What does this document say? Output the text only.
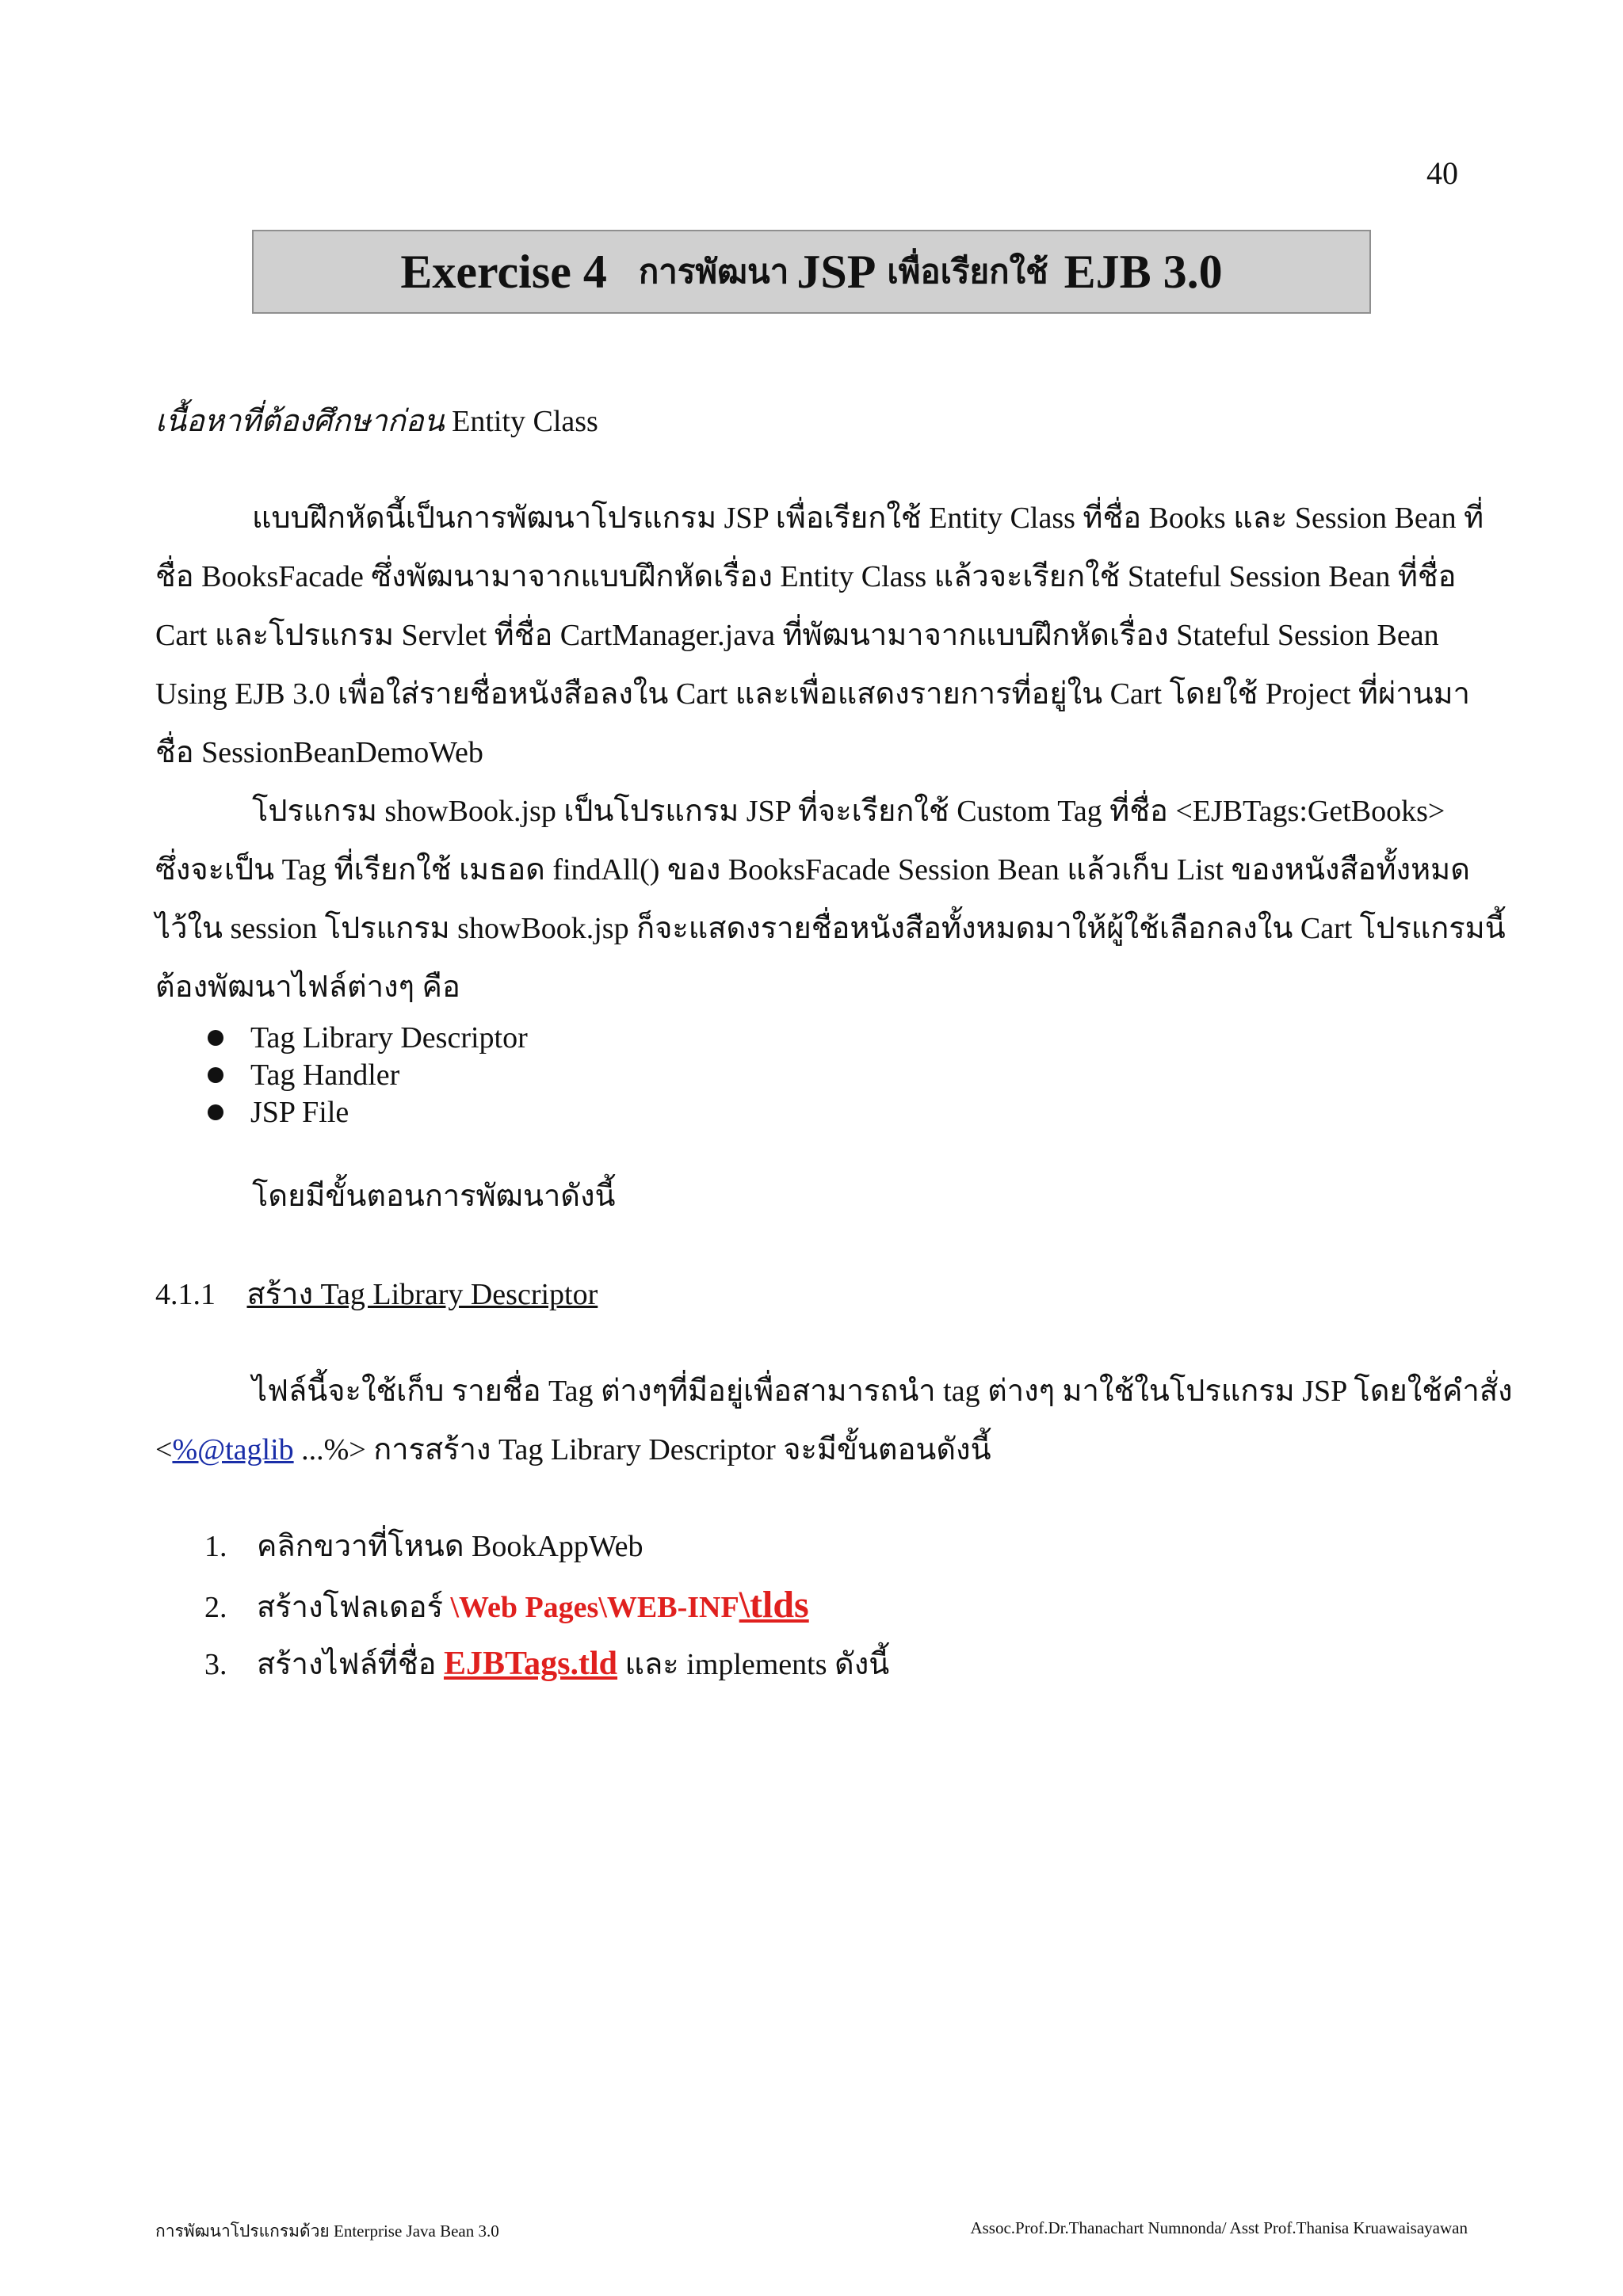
40
Exercise 4 การพัฒนา JSP เพื่อเรียกใช้ EJB 3.0
เนื้อหาที่ต้องศึกษาก่อน Entity Class
แบบฝึกหัดนี้เป็นการพัฒนาโปรแกรม JSP เพื่อเรียกใช้ Entity Class ที่ชื่อ Books และ Session Bean ที่
ชื่อ BooksFacade ซึ่งพัฒนามาจากแบบฝึกหัดเรื่อง Entity Class แล้วจะเรียกใช้ Stateful Session Bean ที่ชื่อ
Cart และโปรแกรม Servlet ที่ชื่อ CartManager.java ที่พัฒนามาจากแบบฝึกหัดเรื่อง Stateful Session Bean
Using EJB 3.0 เพื่อใส่รายชื่อหนังสือลงใน Cart และเพื่อแสดงรายการที่อยู่ใน Cart โดยใช้ Project ที่ผ่านมา
ชื่อ SessionBeanDemoWeb
โปรแกรม showBook.jsp เป็นโปรแกรม JSP ที่จะเรียกใช้ Custom Tag ที่ชื่อ <EJBTags:GetBooks>
ซึ่งจะเป็น Tag ที่เรียกใช้ เมธอด findAll() ของ BooksFacade Session Bean แล้วเก็บ List ของหนังสือทั้งหมด
ไว้ใน session โปรแกรม showBook.jsp ก็จะแสดงรายชื่อหนังสือทั้งหมดมาให้ผู้ใช้เลือกลงใน Cart โปรแกรมนี้
ต้องพัฒนาไฟล์ต่างๆ คือ
Tag Library Descriptor
Tag Handler
JSP File
โดยมีขั้นตอนการพัฒนาดังนี้
4.1.1 สร้าง Tag Library Descriptor
ไฟล์นี้จะใช้เก็บ รายชื่อ Tag ต่างๆที่มีอยู่เพื่อสามารถนำ tag ต่างๆ มาใช้ในโปรแกรม JSP โดยใช้คำสั่ง
<%@taglib ...%> การสร้าง Tag Library Descriptor จะมีขั้นตอนดังนี้
1. คลิกขวาที่โหนด BookAppWeb
2. สร้างโฟลเดอร์ \Web Pages\WEB-INF\tlds
3. สร้างไฟล์ที่ชื่อ EJBTags.tld และ implements ดังนี้
การพัฒนาโปรแกรมด้วย Enterprise Java Bean 3.0	Assoc.Prof.Dr.Thanachart Numnonda/ Asst Prof.Thanisa Kruawaisayawan
